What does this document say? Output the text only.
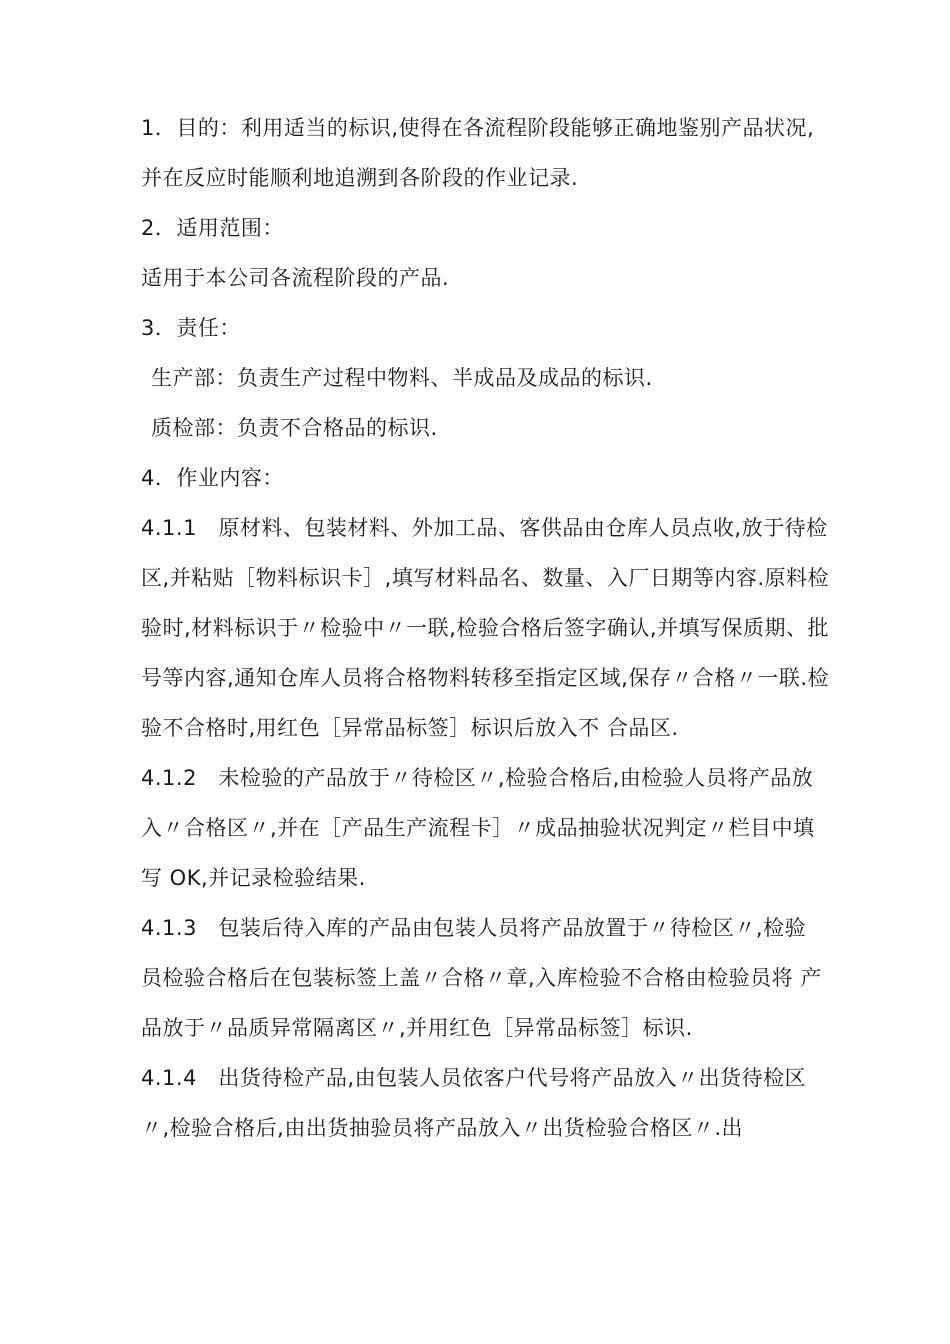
1．目的：利用适当的标识,使得在各流程阶段能够正确地鉴别产品状况,并在反应时能顺利地追溯到各阶段的作业记录.

2．适用范围：

适用于本公司各流程阶段的产品.

3．责任：

生产部：负责生产过程中物料、半成品及成品的标识.

质检部：负责不合格品的标识.

4．作业内容：

4.1.1　原材料、包装材料、外加工品、客供品由仓库人员点收,放于待检区,并粘贴［物料标识卡］,填写材料品名、数量、入厂日期等内容.原料检验时,材料标识于〃检验中〃一联,检验合格后签字确认,并填写保质期、批号等内容,通知仓库人员将合格物料转移至指定区域,保存〃合格〃一联.检验不合格时,用红色［异常品标签］标识后放入不 合品区.

4.1.2　未检验的产品放于〃待检区〃,检验合格后,由检验人员将产品放 入〃合格区〃,并在［产品生产流程卡］〃成品抽验状况判定〃栏目中填写 OK,并记录检验结果.

4.1.3　包装后待入库的产品由包装人员将产品放置于〃待检区〃,检验 员检验合格后在包装标签上盖〃合格〃章,入库检验不合格由检验员将 产品放于〃品质异常隔离区〃,并用红色［异常品标签］标识.

4.1.4　出货待检产品,由包装人员依客户代号将产品放入〃出货待检区〃,检验合格后,由出货抽验员将产品放入〃出货检验合格区〃.出
